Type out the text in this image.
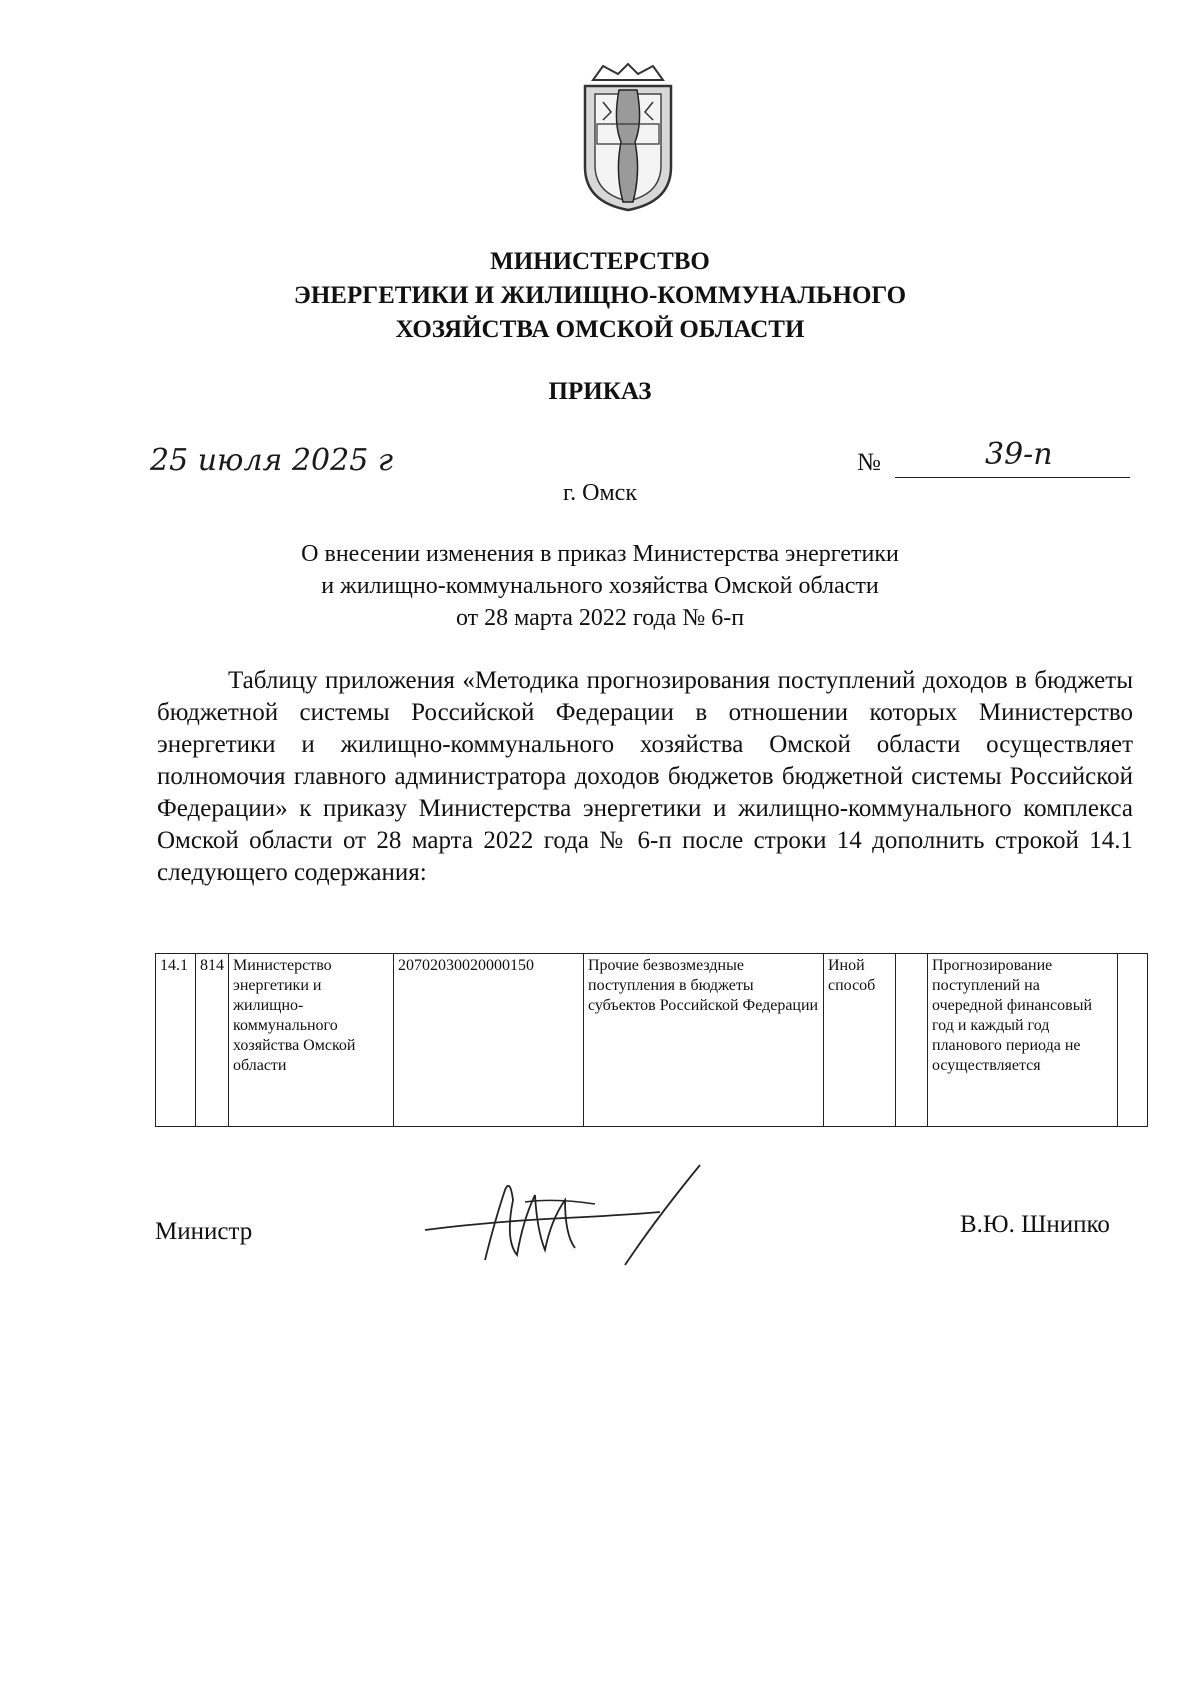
МИНИСТЕРСТВО
ЭНЕРГЕТИКИ И ЖИЛИЩНО-КОММУНАЛЬНОГО
ХОЗЯЙСТВА ОМСКОЙ ОБЛАСТИ
ПРИКАЗ
25 июля 2025 г	№	39-п
г. Омск
О внесении изменения в приказ Министерства энергетики
и жилищно-коммунального хозяйства Омской области
от 28 марта 2022 года № 6-п
Таблицу приложения «Методика прогнозирования поступлений доходов в бюджеты бюджетной системы Российской Федерации в отношении которых Министерство энергетики и жилищно-коммунального хозяйства Омской области осуществляет полномочия главного администратора доходов бюджетов бюджетной системы Российской Федерации» к приказу Министерства энергетики и жилищно-коммунального комплекса Омской области от 28 марта 2022 года № 6-п после строки 14 дополнить строкой 14.1 следующего содержания:
14.1	814	Министерство энергетики и жилищно-коммунального хозяйства Омской области	20702030020000150	Прочие безвозмездные поступления в бюджеты субъектов Российской Федерации	Иной способ		Прогнозирование поступлений на очередной финансовый год и каждый год планового периода не осуществляется	
Министр	В.Ю. Шнипко
